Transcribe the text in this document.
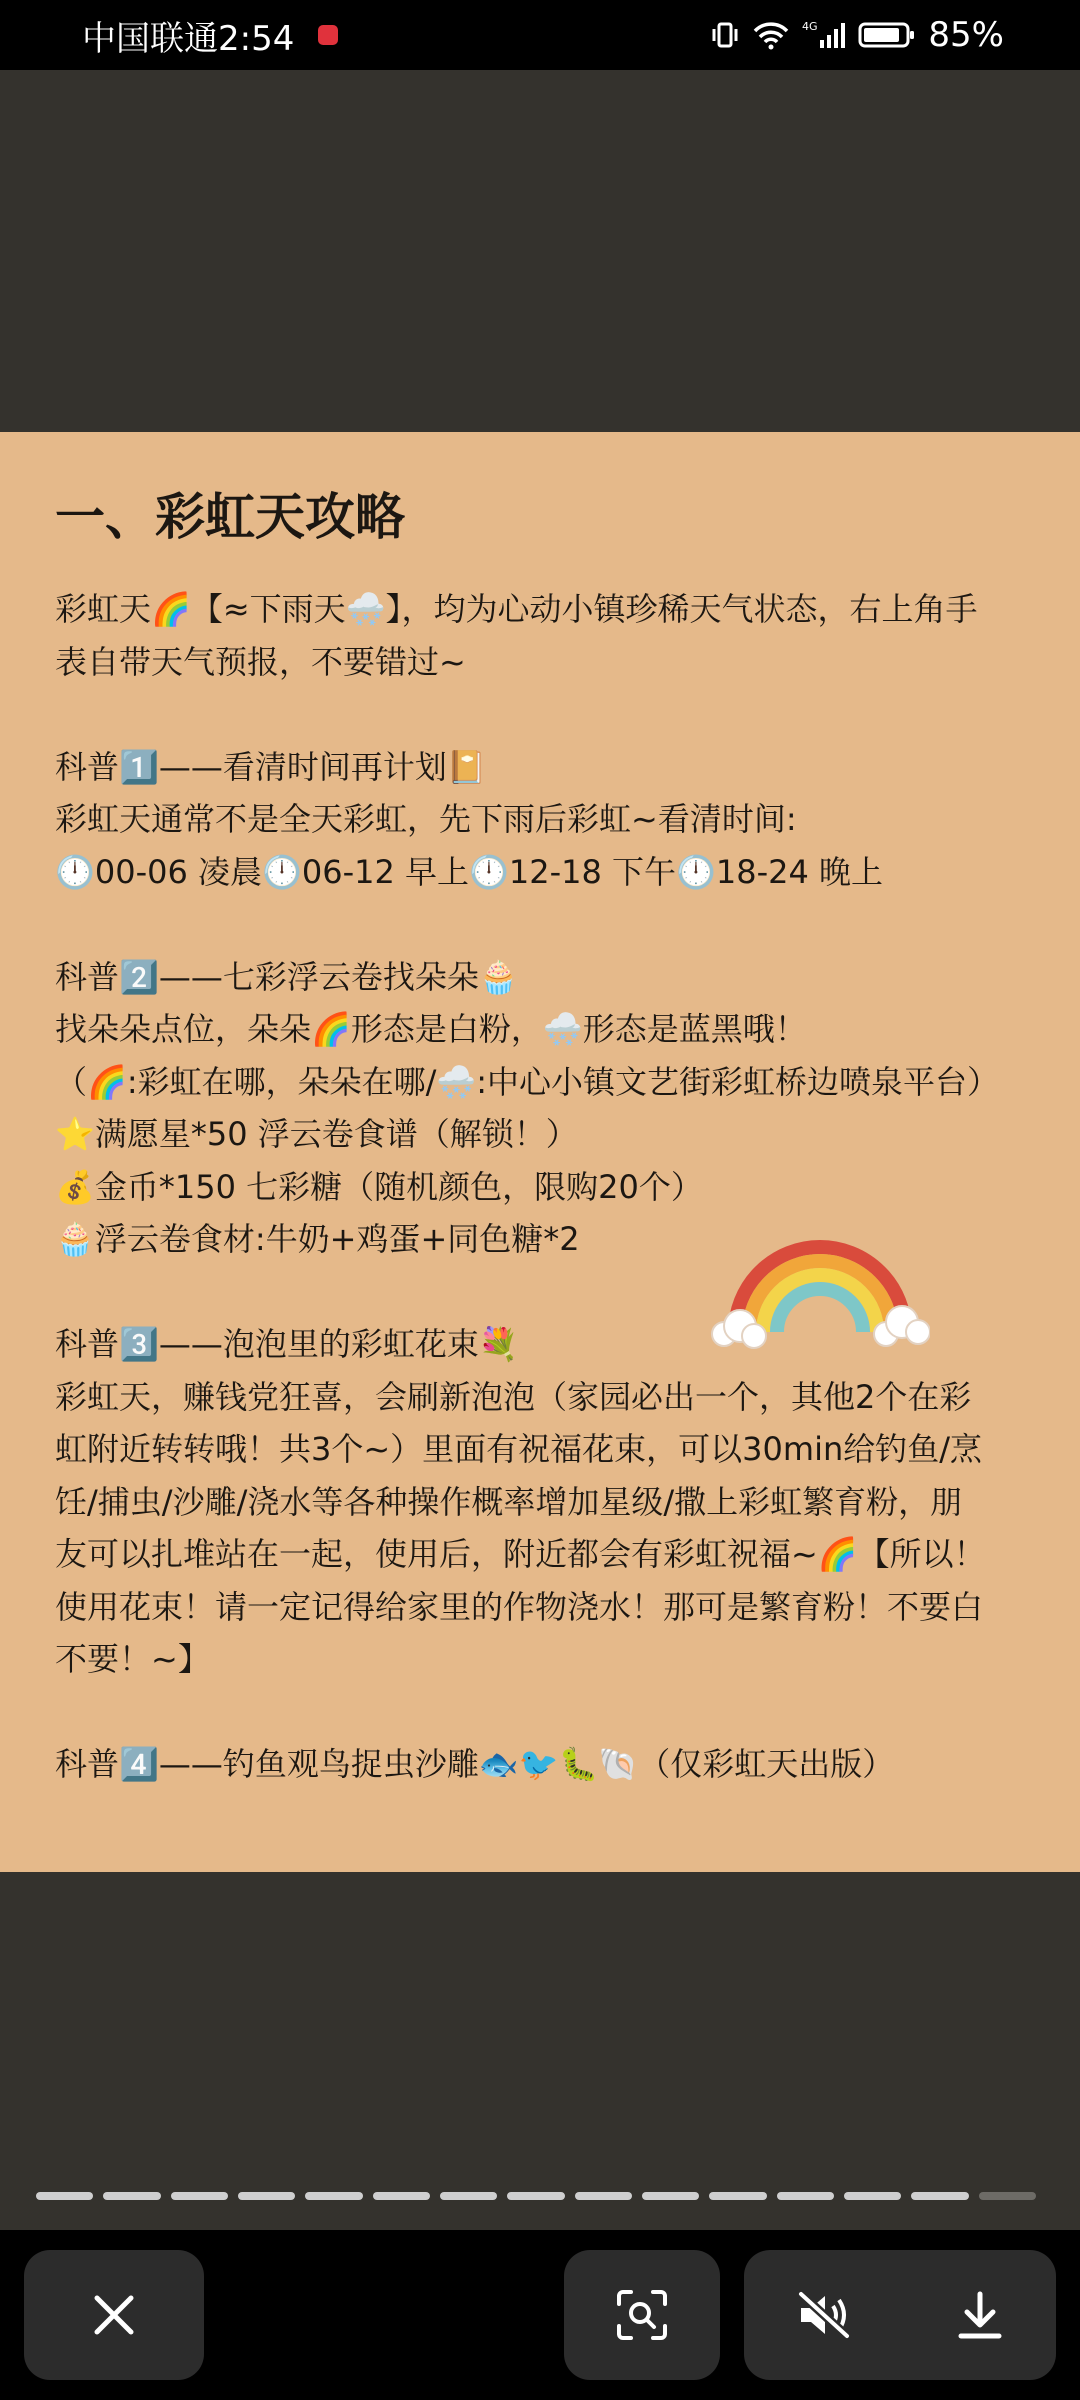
中国联通2:54	4G	85%
一、彩虹天攻略
彩虹天🌈【≈下雨天🌨️】，均为心动小镇珍稀天气状态，右上角手
表自带天气预报，不要错过~
科普1️⃣——看清时间再计划📔
彩虹天通常不是全天彩虹，先下雨后彩虹~看清时间:
🕛00-06 凌晨🕛06-12 早上🕛12-18 下午🕛18-24 晚上
科普2️⃣——七彩浮云卷找朵朵🧁
找朵朵点位，朵朵🌈形态是白粉，🌨️形态是蓝黑哦！
（🌈:彩虹在哪，朵朵在哪/🌨️:中心小镇文艺街彩虹桥边喷泉平台）
⭐满愿星*50 浮云卷食谱（解锁！）
💰金币*150 七彩糖（随机颜色，限购20个）
🧁浮云卷食材:牛奶+鸡蛋+同色糖*2
科普3️⃣——泡泡里的彩虹花束💐
彩虹天，赚钱党狂喜，会刷新泡泡（家园必出一个，其他2个在彩
虹附近转转哦！共3个~）里面有祝福花束，可以30min给钓鱼/烹
饪/捕虫/沙雕/浇水等各种操作概率增加星级/撒上彩虹繁育粉，朋
友可以扎堆站在一起，使用后，附近都会有彩虹祝福~🌈【所以！
使用花束！请一定记得给家里的作物浇水！那可是繁育粉！不要白
不要！~】
科普4️⃣——钓鱼观鸟捉虫沙雕🐟🐦🐛🐚（仅彩虹天出版）
